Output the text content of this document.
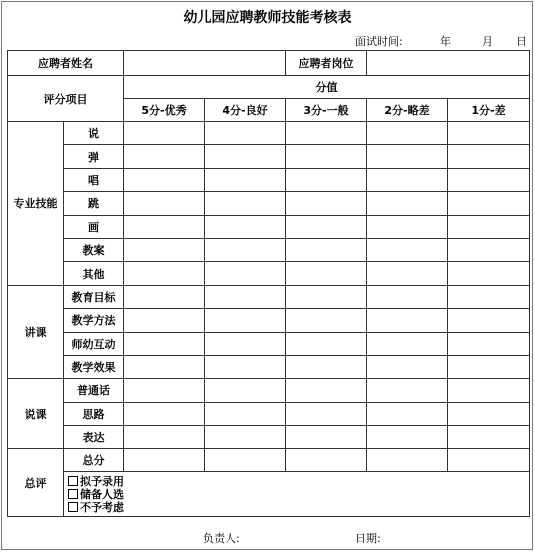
幼儿园应聘教师技能考核表
面试时间:	年	月 日
应聘者姓名				应聘者岗位		
评分项目		分值				
		5分-优秀	4分-良好	3分-一般	2分-略差	1分-差
专业技能	说					
	弹					
	唱					
	跳					
	画					
	教案					
	其他					
讲课	教育目标					
	教学方法					
	师幼互动					
	教学效果					
说课	普通话					
	思路					
	表达					
总评	总分					

	拟予录用
储备人选
不予考虑					
负责人:	日期:
